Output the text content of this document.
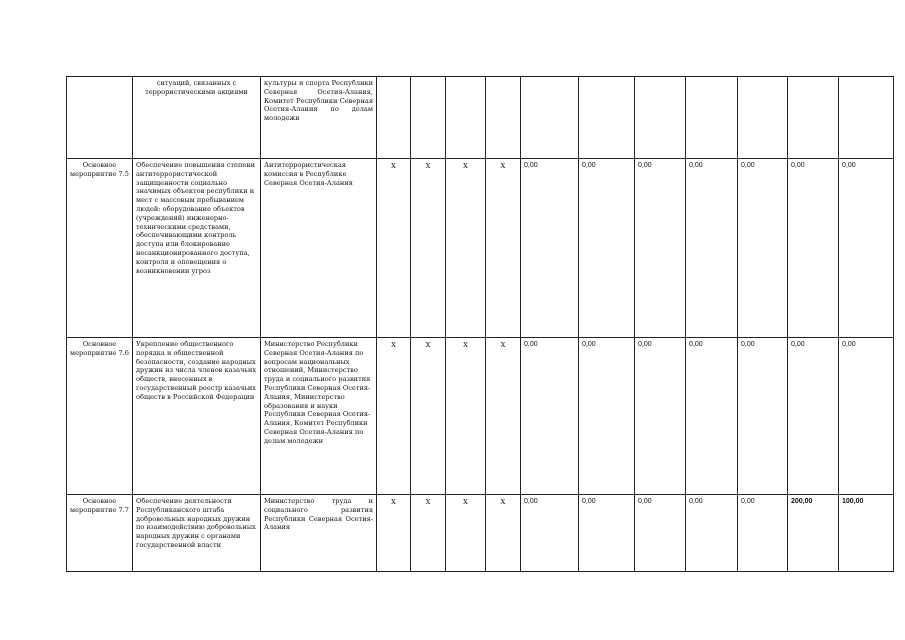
	ситуаций, связанных с террористическими акциями	культуры и спорта Республики Северная Осетия-Алания, Комитет Республики Северная Осетия-Алания по делам молодежи											
Основное мероприятие 7.5	Обеспечение повышения степени антитеррористической защищенности социально значимых объектов республики и мест с массовым пребыванием людей: оборудование объектов (учреждений) инженерно-техническими средствами, обеспечивающими контроль доступа или блокирование несанкционированного доступа, контроля и оповещения о возникновении угроз	Антитеррористическая комиссия в Республике Северная Осетия-Алания	X	X	X	X	0,00	0,00	0,00	0,00	0,00	0,00	0,00
Основное мероприятие 7.6	Укрепление общественного порядка и общественной безопасности, создание народных дружин из числа членов казачьих обществ, внесенных в государственный реестр казачьих обществ в Российской Федерации	Министерство Республики Северная Осетия-Алания по вопросам национальных отношений, Министерство труда и социального развития Республики Северная Осетия-Алания, Министерство образования и науки Республики Северная Осетия-Алания, Комитет Республики Северная Осетия-Алания по делам молодежи	X	X	X	X	0,00	0,00	0,00	0,00	0,00	0,00	0,00
Основное мероприятие 7.7	Обеспечение деятельности Республиканского штаба добровольных народных дружин по взаимодействию добровольных народных дружин с органами государственной власти	Министерство труда и социального развития Республики Северная Осетия-Алания	X	X	X	X	0,00	0,00	0,00	0,00	0,00	200,00	100,00
